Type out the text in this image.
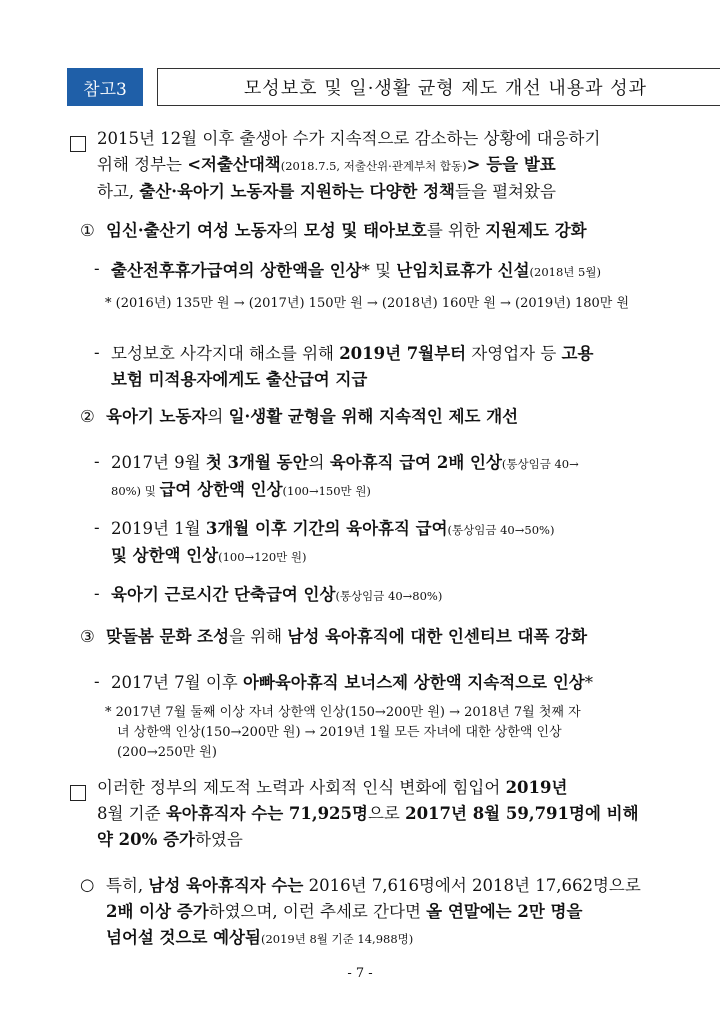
참고3	모성보호 및 일·생활 균형 제도 개선 내용과 성과
2015년 12월 이후 출생아 수가 지속적으로 감소하는 상황에 대응하기
위해 정부는 <저출산대책(2018.7.5, 저출산위·관계부처 합동)> 등을 발표
하고, 출산·육아기 노동자를 지원하는 다양한 정책들을 펼쳐왔음
① 임신·출산기 여성 노동자의 모성 및 태아보호를 위한 지원제도 강화
- 출산전후휴가급여의 상한액을 인상* 및 난임치료휴가 신설(2018년 5월)
* (2016년) 135만 원 → (2017년) 150만 원 → (2018년) 160만 원 → (2019년) 180만 원
- 모성보호 사각지대 해소를 위해 2019년 7월부터 자영업자 등 고용
보험 미적용자에게도 출산급여 지급
② 육아기 노동자의 일·생활 균형을 위해 지속적인 제도 개선
- 2017년 9월 첫 3개월 동안의 육아휴직 급여 2배 인상(통상임금 40→
80%) 및 급여 상한액 인상(100→150만 원)
- 2019년 1월 3개월 이후 기간의 육아휴직 급여(통상임금 40→50%)
및 상한액 인상(100→120만 원)
- 육아기 근로시간 단축급여 인상(통상임금 40→80%)
③ 맞돌봄 문화 조성을 위해 남성 육아휴직에 대한 인센티브 대폭 강화
- 2017년 7월 이후 아빠육아휴직 보너스제 상한액 지속적으로 인상*
* 2017년 7월 둘째 이상 자녀 상한액 인상(150→200만 원) → 2018년 7월 첫째 자
녀 상한액 인상(150→200만 원) → 2019년 1월 모든 자녀에 대한 상한액 인상
(200→250만 원)
이러한 정부의 제도적 노력과 사회적 인식 변화에 힘입어 2019년
8월 기준 육아휴직자 수는 71,925명으로 2017년 8월 59,791명에 비해
약 20% 증가하였음
○ 특히, 남성 육아휴직자 수는 2016년 7,616명에서 2018년 17,662명으로
2배 이상 증가하였으며, 이런 추세로 간다면 올 연말에는 2만 명을
넘어설 것으로 예상됨(2019년 8월 기준 14,988명)
- 7 -
